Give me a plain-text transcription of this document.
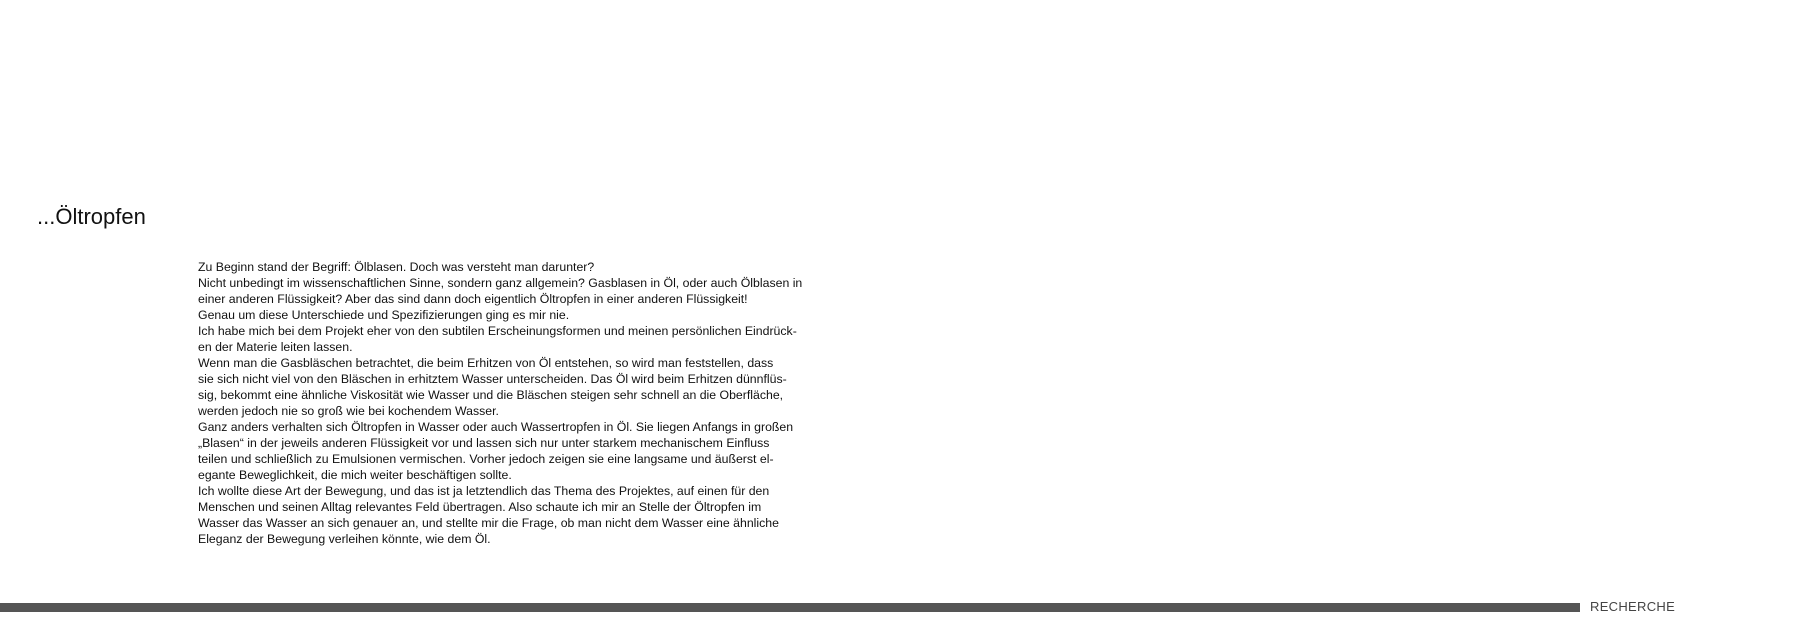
...Öltropfen
Zu Beginn stand der Begriff: Ölblasen. Doch was versteht man darunter?
Nicht unbedingt im wissenschaftlichen Sinne, sondern ganz allgemein? Gasblasen in Öl, oder auch Ölblasen in
einer anderen Flüssigkeit? Aber das sind dann doch eigentlich Öltropfen in einer anderen Flüssigkeit!
Genau um diese Unterschiede und Spezifizierungen ging es mir nie.
Ich habe mich bei dem Projekt eher von den subtilen Erscheinungsformen und meinen persönlichen Eindrück-
en der Materie leiten lassen.
Wenn man die Gasbläschen betrachtet, die beim Erhitzen von Öl entstehen, so wird man feststellen, dass
sie sich nicht viel von den Bläschen in erhitztem Wasser unterscheiden. Das Öl wird beim Erhitzen dünnflüs-
sig, bekommt eine ähnliche Viskosität wie Wasser und die Bläschen steigen sehr schnell an die Oberfläche,
werden jedoch nie so groß wie bei kochendem Wasser.
Ganz anders verhalten sich Öltropfen in Wasser oder auch Wassertropfen in Öl. Sie liegen Anfangs in großen
„Blasen“ in der jeweils anderen Flüssigkeit vor und lassen sich nur unter starkem mechanischem Einfluss
teilen und schließlich zu Emulsionen vermischen. Vorher jedoch zeigen sie eine langsame und äußerst el-
egante Beweglichkeit, die mich weiter beschäftigen sollte.
Ich wollte diese Art der Bewegung, und das ist ja letztendlich das Thema des Projektes, auf einen für den
Menschen und seinen Alltag relevantes Feld übertragen. Also schaute ich mir an Stelle der Öltropfen im
Wasser das Wasser an sich genauer an, und stellte mir die Frage, ob man nicht dem Wasser eine ähnliche
Eleganz der Bewegung verleihen könnte, wie dem Öl.
RECHERCHE
